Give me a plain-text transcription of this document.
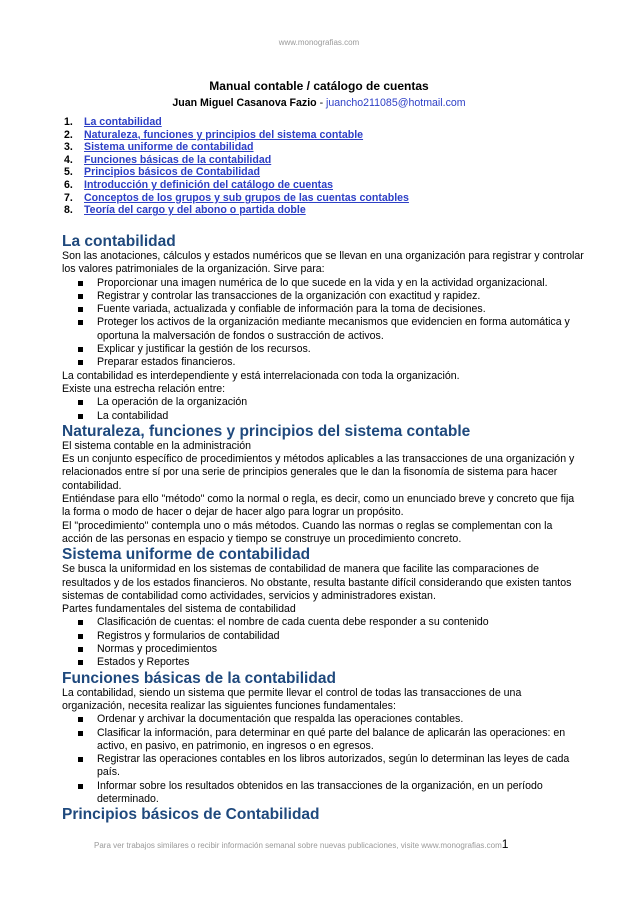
www.monografias.com
Manual contable / catálogo de cuentas
Juan Miguel Casanova Fazio - juancho211085@hotmail.com
1.	La contabilidad
2.	Naturaleza, funciones y principios del sistema contable
3.	Sistema uniforme de contabilidad
4.	Funciones básicas de la contabilidad
5.	Principios básicos de Contabilidad
6.	Introducción y definición del catálogo de cuentas
7.	Conceptos de los grupos y sub grupos de las cuentas contables
8.	Teoría del cargo y del abono o partida doble
La contabilidad

Son las anotaciones, cálculos y estados numéricos que se llevan en una organización para registrar y controlar los valores patrimoniales de la organización. Sirve para:

Proporcionar una imagen numérica de lo que sucede en la vida y en la actividad organizacional.
Registrar y controlar las transacciones de la organización con exactitud y rapidez.
Fuente variada, actualizada y confiable de información para la toma de decisiones.
Proteger los activos de la organización mediante mecanismos que evidencien en forma automática y oportuna la malversación de fondos o sustracción de activos.
Explicar y justificar la gestión de los recursos.
Preparar estados financieros.

La contabilidad es interdependiente y está interrelacionada con toda la organización.

Existe una estrecha relación entre:

La operación de la organización
La contabilidad
Naturaleza, funciones y principios del sistema contable

El sistema contable en la administración

Es un conjunto específico de procedimientos y métodos aplicables a las transacciones de una organización y relacionados entre sí por una serie de principios generales que le dan la fisonomía de sistema para hacer contabilidad.

Entiéndase para ello "método" como la normal o regla, es decir, como un enunciado breve y concreto que fija la forma o modo de hacer o dejar de hacer algo para lograr un propósito.

El "procedimiento" contempla uno o más métodos. Cuando las normas o reglas se complementan con la acción de las personas en espacio y tiempo se construye un procedimiento concreto.

Sistema uniforme de contabilidad

Se busca la uniformidad en los sistemas de contabilidad de manera que facilite las comparaciones de resultados y de los estados financieros. No obstante, resulta bastante difícil considerando que existen tantos sistemas de contabilidad como actividades, servicios y administradores existan.

Partes fundamentales del sistema de contabilidad

Clasificación de cuentas: el nombre de cada cuenta debe responder a su contenido
Registros y formularios de contabilidad
Normas y procedimientos
Estados y Reportes
Funciones básicas de la contabilidad

La contabilidad, siendo un sistema que permite llevar el control de todas las transacciones de una organización, necesita realizar las siguientes funciones fundamentales:

Ordenar y archivar la documentación que respalda las operaciones contables.
Clasificar la información, para determinar en qué parte del balance de aplicarán las operaciones: en activo, en pasivo, en patrimonio, en ingresos o en egresos.
Registrar las operaciones contables en los libros autorizados, según lo determinan las leyes de cada país.
Informar sobre los resultados obtenidos en las transacciones de la organización, en un período determinado.
Principios básicos de Contabilidad
Para ver trabajos similares o recibir información semanal sobre nuevas publicaciones, visite www.monografias.com1
